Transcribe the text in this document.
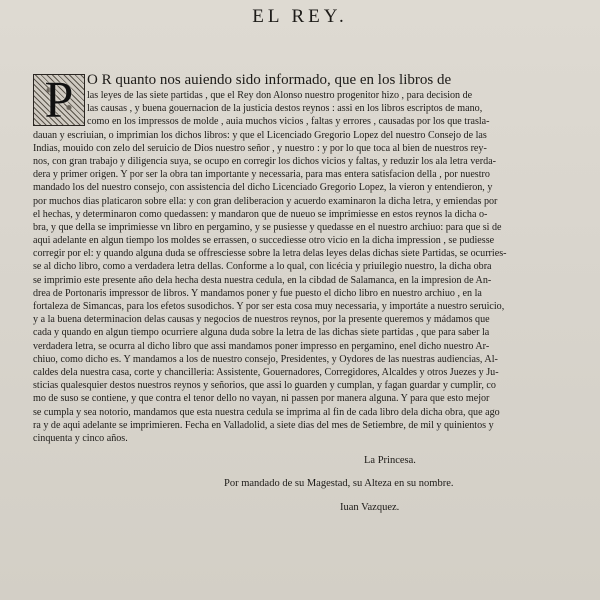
EL REY.
P O R quanto nos auiendo sido informado, que en los libros de
las leyes de las siete partidas , que el Rey don Alonso nuestro progenitor hizo , para decision de
las causas , y buena gouernacion de la justicia destos reynos : assi en los libros escriptos de mano,
como en los impressos de molde , auia muchos vicios , faltas y errores , causadas por los que trasla-
dauan y escriuian, o imprimian los dichos libros: y que el Licenciado Gregorio Lopez del nuestro Consejo de las
Indias, mouido con zelo del seruicio de Dios nuestro señor , y nuestro : y por lo que toca al bien de nuestros rey-
nos, con gran trabajo y diligencia suya, se ocupo en corregir los dichos vicios y faltas, y reduzir los ala letra verda-
dera y primer origen. Y por ser la obra tan importante y necessaria, para mas entera satisfacion della , por nuestro
mandado los del nuestro consejo, con assistencia del dicho Licenciado Gregorio Lopez, la vieron y entendieron, y
por muchos dias platicaron sobre ella: y con gran deliberacion y acuerdo examinaron la dicha letra, y emiendas por
el hechas, y determinaron como quedassen: y mandaron que de nueuo se imprimiesse en estos reynos la dicha o-
bra, y que della se imprimiesse vn libro en pergamino, y se pusiesse y quedasse en el nuestro archiuo: para que si de
aqui adelante en algun tiempo los moldes se errassen, o succediesse otro vicio en la dicha impression , se pudiesse
corregir por el: y quando alguna duda se offresciesse sobre la letra delas leyes delas dichas siete Partidas, se ocurries-
se al dicho libro, como a verdadera letra dellas. Conforme a lo qual, con licécia y priuilegio nuestro, la dicha obra
se imprimio este presente año dela hecha desta nuestra cedula, en la cibdad de Salamanca, en la impresion de An-
drea de Portonaris impressor de libros. Y mandamos poner y fue puesto el dicho libro en nuestro archiuo , en la
fortaleza de Simancas, para los efetos susodichos. Y por ser esta cosa muy necessaria, y importáte a nuestro seruicio,
y a la buena determinacion delas causas y negocios de nuestros reynos, por la presente queremos y mádamos que
cada y quando en algun tiempo ocurriere alguna duda sobre la letra de las dichas siete partidas , que para saber la
verdadera letra, se ocurra al dicho libro que assi mandamos poner impresso en pergamino, enel dicho nuestro Ar-
chiuo, como dicho es. Y mandamos a los de nuestro consejo, Presidentes, y Oydores de las nuestras audiencias, Al-
caldes dela nuestra casa, corte y chancilleria: Assistente, Gouernadores, Corregidores, Alcaldes y otros Juezes y Ju-
sticias qualesquier destos nuestros reynos y señorios, que assi lo guarden y cumplan, y fagan guardar y cumplir, co
mo de suso se contiene, y que contra el tenor dello no vayan, ni passen por manera alguna. Y para que esto mejor
se cumpla y sea notorio, mandamos que esta nuestra cedula se imprima al fin de cada libro dela dicha obra, que ago
ra y de aqui adelante se imprimieren. Fecha en Valladolid, a siete dias del mes de Setiembre, de mil y quinientos y
cinquenta y cinco años.
La Princesa.
Por mandado de su Magestad, su Alteza en su nombre.
Iuan Vazquez.
